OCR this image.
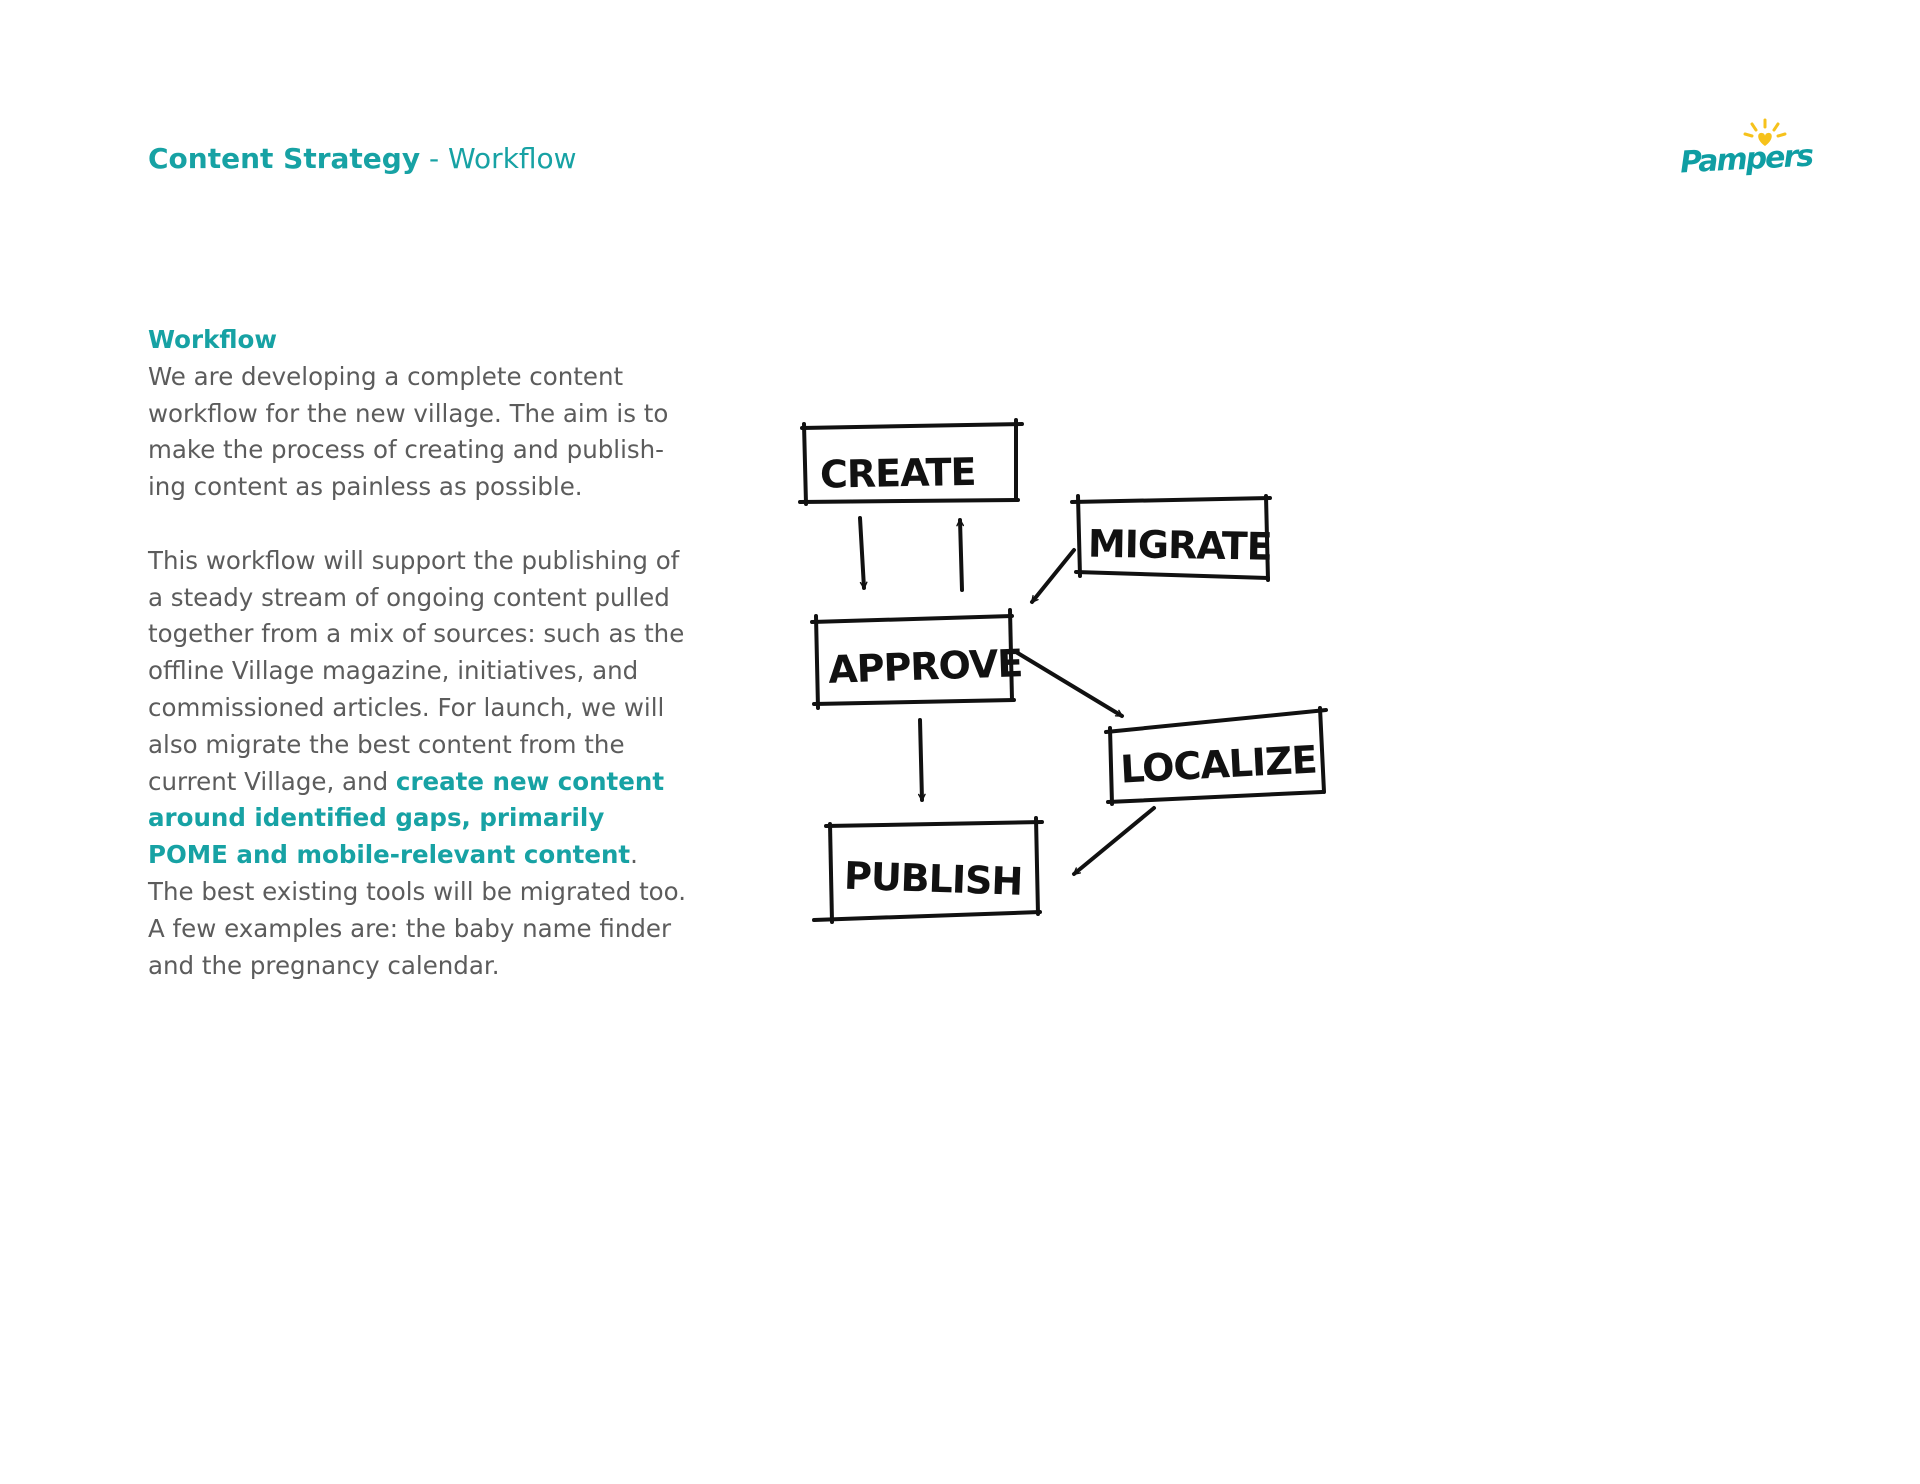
Content Strategy - Workflow	Pampers
Workflow

We are developing a complete content workflow for the new village. The aim is to make the process of creating and publish-ing content as painless as possible.

This workflow will support the publishing of a steady stream of ongoing content pulled together from a mix of sources: such as the offline Village magazine, initiatives, and commissioned articles. For launch, we will also migrate the best content from the current Village, and create new content around identified gaps, primarily POME and mobile-relevant content. The best existing tools will be migrated too. A few examples are: the baby name finder and the pregnancy calendar.

CREATE
MIGRATE
APPROVE
LOCALIZE
PUBLISH
